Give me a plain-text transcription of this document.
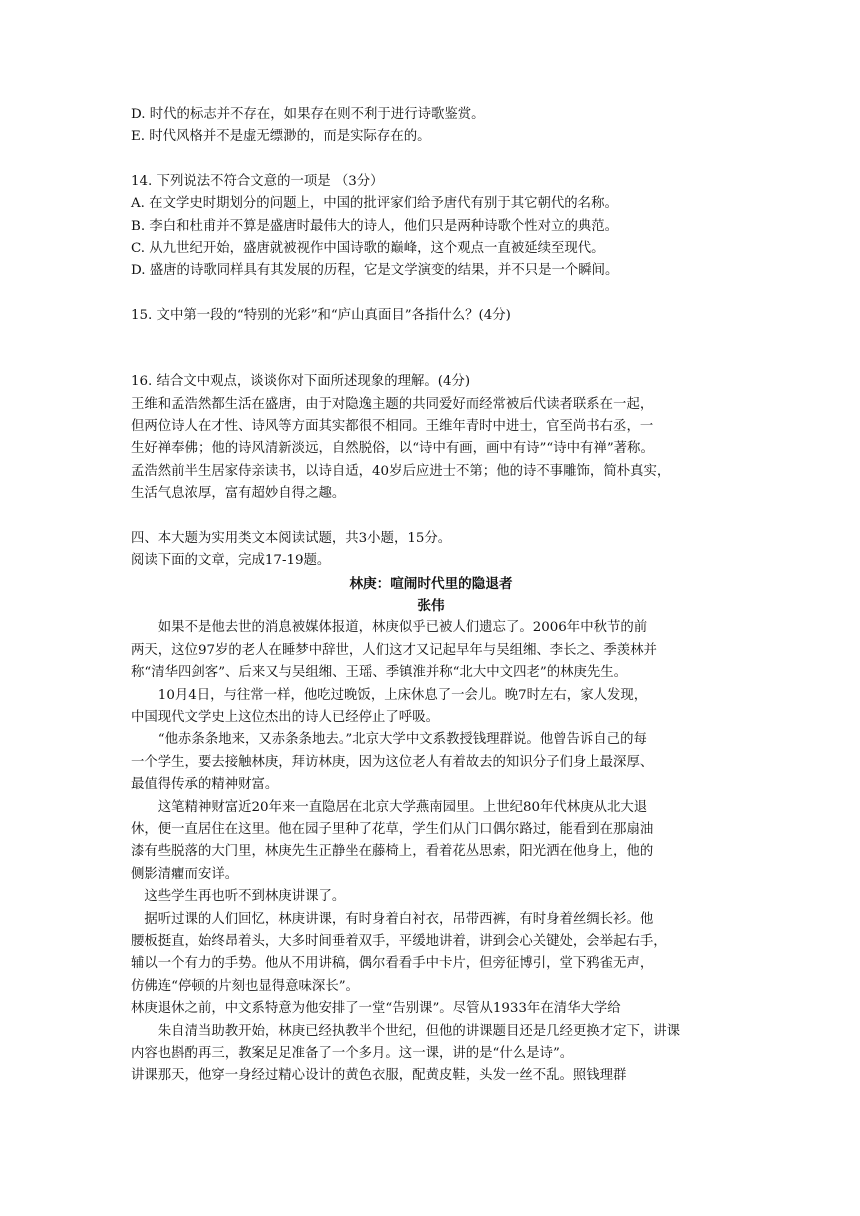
D. 时代的标志并不存在，如果存在则不利于进行诗歌鉴赏。
E. 时代风格并不是虚无缥渺的，而是实际存在的。
14. 下列说法不符合文意的一项是 （3分）
A. 在文学史时期划分的问题上，中国的批评家们给予唐代有别于其它朝代的名称。
B. 李白和杜甫并不算是盛唐时最伟大的诗人，他们只是两种诗歌个性对立的典范。
C. 从九世纪开始，盛唐就被视作中国诗歌的巅峰，这个观点一直被延续至现代。
D. 盛唐的诗歌同样具有其发展的历程，它是文学演变的结果，并不只是一个瞬间。
15. 文中第一段的“特别的光彩”和“庐山真面目”各指什么？(4分)
16. 结合文中观点，谈谈你对下面所述现象的理解。(4分)
王维和孟浩然都生活在盛唐，由于对隐逸主题的共同爱好而经常被后代读者联系在一起，
但两位诗人在才性、诗风等方面其实都很不相同。王维年青时中进士，官至尚书右丞，一
生好禅奉佛；他的诗风清新淡远，自然脱俗，以“诗中有画，画中有诗”“诗中有禅”著称。
孟浩然前半生居家侍亲读书，以诗自适，40岁后应进士不第；他的诗不事雕饰，简朴真实，
生活气息浓厚，富有超妙自得之趣。
四、本大题为实用类文本阅读试题，共3小题，15分。
阅读下面的文章，完成17-19题。
林庚：喧闹时代里的隐退者
张伟
如果不是他去世的消息被媒体报道，林庚似乎已被人们遗忘了。2006年中秋节的前
两天，这位97岁的老人在睡梦中辞世，人们这才又记起早年与吴组缃、李长之、季羡林并
称“清华四剑客”、后来又与吴组缃、王瑶、季镇淮并称“北大中文四老”的林庚先生。
10月4日，与往常一样，他吃过晚饭，上床休息了一会儿。晚7时左右，家人发现，
中国现代文学史上这位杰出的诗人已经停止了呼吸。
“他赤条条地来，又赤条条地去。”北京大学中文系教授钱理群说。他曾告诉自己的每
一个学生，要去接触林庚，拜访林庚，因为这位老人有着故去的知识分子们身上最深厚、
最值得传承的精神财富。
这笔精神财富近20年来一直隐居在北京大学燕南园里。上世纪80年代林庚从北大退
休，便一直居住在这里。他在园子里种了花草，学生们从门口偶尔路过，能看到在那扇油
漆有些脱落的大门里，林庚先生正静坐在藤椅上，看着花丛思索，阳光洒在他身上，他的
侧影清癯而安详。
这些学生再也听不到林庚讲课了。
据听过课的人们回忆，林庚讲课，有时身着白衬衣，吊带西裤，有时身着丝绸长衫。他
腰板挺直，始终昂着头，大多时间垂着双手，平缓地讲着，讲到会心关键处，会举起右手，
辅以一个有力的手势。他从不用讲稿，偶尔看看手中卡片，但旁征博引，堂下鸦雀无声，
仿佛连“停顿的片刻也显得意味深长”。
林庚退休之前，中文系特意为他安排了一堂“告别课”。尽管从1933年在清华大学给
朱自清当助教开始，林庚已经执教半个世纪，但他的讲课题目还是几经更换才定下，讲课
内容也斟酌再三，教案足足准备了一个多月。这一课，讲的是“什么是诗”。
讲课那天，他穿一身经过精心设计的黄色衣服，配黄皮鞋，头发一丝不乱。照钱理群
